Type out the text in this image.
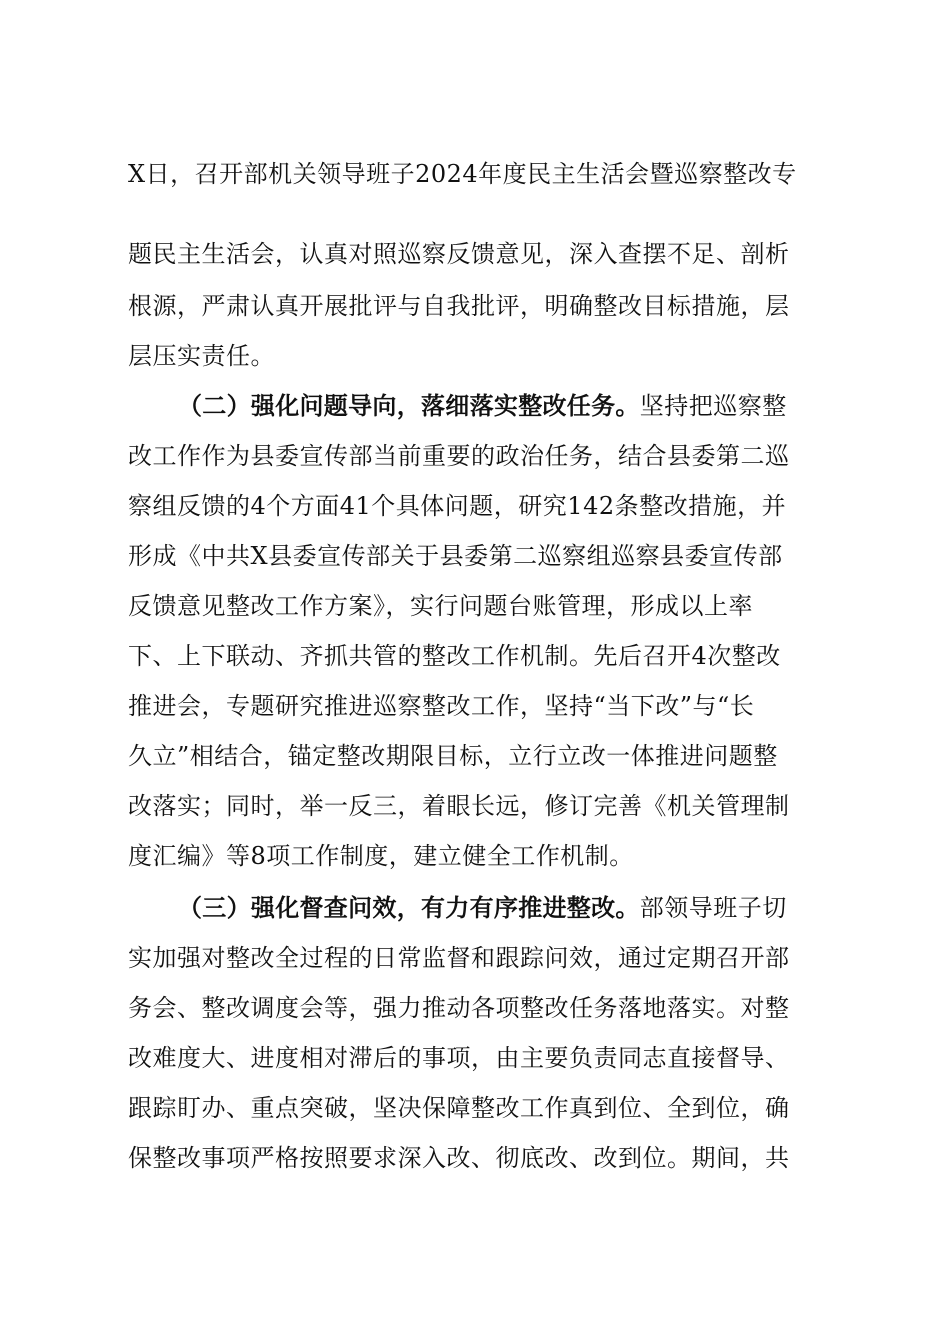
X日，召开部机关领导班子2024年度民主生活会暨巡察整改专
题民主生活会，认真对照巡察反馈意见，深入查摆不足、剖析
根源，严肃认真开展批评与自我批评，明确整改目标措施，层
层压实责任。
（二）强化问题导向，落细落实整改任务。坚持把巡察整
改工作作为县委宣传部当前重要的政治任务，结合县委第二巡
察组反馈的4个方面41个具体问题，研究142条整改措施，并
形成《中共X县委宣传部关于县委第二巡察组巡察县委宣传部
反馈意见整改工作方案》，实行问题台账管理，形成以上率
下、上下联动、齐抓共管的整改工作机制。先后召开4次整改
推进会，专题研究推进巡察整改工作，坚持“当下改”与“长
久立”相结合，锚定整改期限目标，立行立改一体推进问题整
改落实；同时，举一反三，着眼长远，修订完善《机关管理制
度汇编》等8项工作制度，建立健全工作机制。
（三）强化督查问效，有力有序推进整改。部领导班子切
实加强对整改全过程的日常监督和跟踪问效，通过定期召开部
务会、整改调度会等，强力推动各项整改任务落地落实。对整
改难度大、进度相对滞后的事项，由主要负责同志直接督导、
跟踪盯办、重点突破，坚决保障整改工作真到位、全到位，确
保整改事项严格按照要求深入改、彻底改、改到位。期间，共
